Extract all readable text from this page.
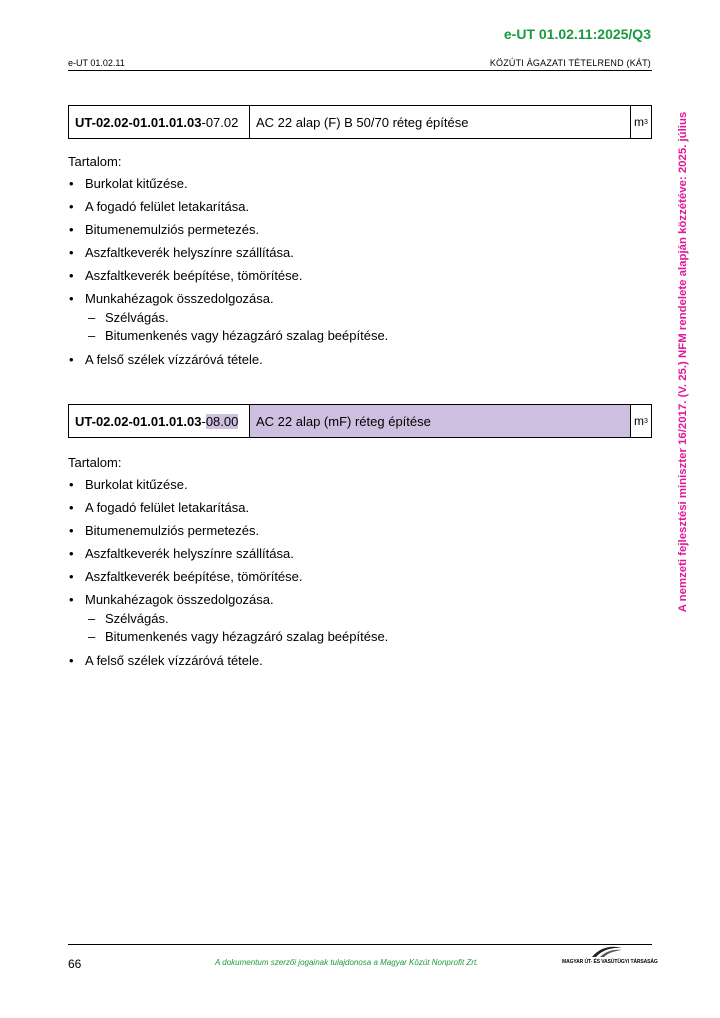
e-UT 01.02.11:2025/Q3
e-UT 01.02.11	KÖZÚTI ÁGAZATI TÉTELREND (KÁT)
A nemzeti fejlesztési miniszter 16/2017. (V. 25.) NFM rendelete alapján közzétéve: 2025. július
UT-02.02-01.01.01.03 -07.02	AC 22 alap (F) B 50/70 réteg építése	m 3
Tartalom:
• Burkolat kitűzése.
• A fogadó felület letakarítása.
• Bitumenemulziós permetezés.
• Aszfaltkeverék helyszínre szállítása.
• Aszfaltkeverék beépítése, tömörítése.
• Munkahézagok összedolgozása.
– Szélvágás.
– Bitumenkenés vagy hézagzáró szalag beépítése.
• A felső szélek vízzáróvá tétele.
UT-02.02-01.01.01.03 - 08.00	AC 22 alap (mF) réteg építése	m 3
Tartalom:
• Burkolat kitűzése.
• A fogadó felület letakarítása.
• Bitumenemulziós permetezés.
• Aszfaltkeverék helyszínre szállítása.
• Aszfaltkeverék beépítése, tömörítése.
• Munkahézagok összedolgozása.
– Szélvágás.
– Bitumenkenés vagy hézagzáró szalag beépítése.
• A felső szélek vízzáróvá tétele.
66	A dokumentum szerzői jogainak tulajdonosa a Magyar Közút Nonprofit Zrt.	MAGYAR ÚT- ÉS VASÚTÜGYI TÁRSASÁG
